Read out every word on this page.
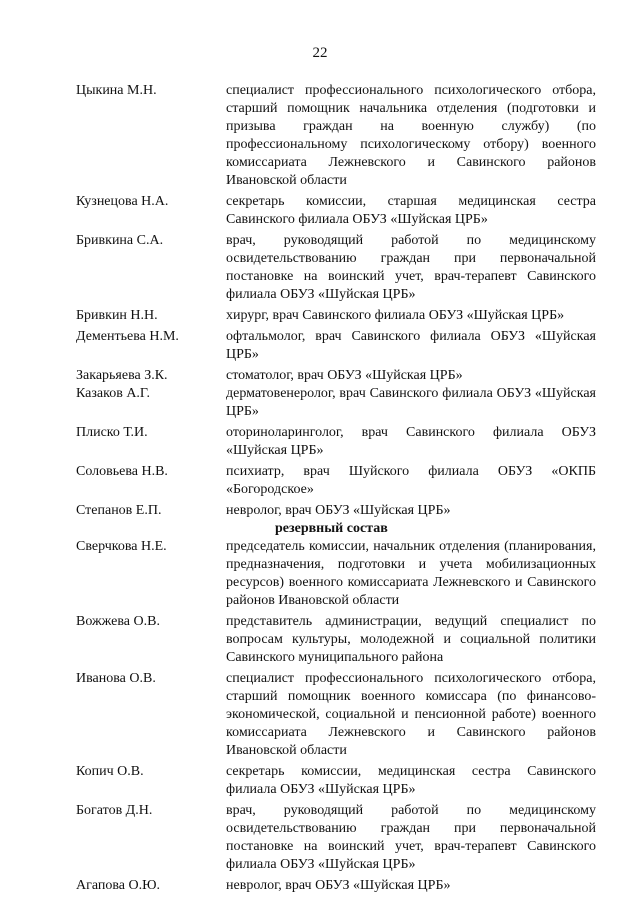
22
Цыкина М.Н.	специалист профессионального психологического отбора, старший помощник начальника отделения (подготовки и призыва граждан на военную службу) (по профессиональному психологическому отбору) военного комиссариата Лежневского и Савинского районов Ивановской области
Кузнецова Н.А.	секретарь комиссии, старшая медицинская сестра Савинского филиала ОБУЗ «Шуйская ЦРБ»
Бривкина С.А.	врач, руководящий работой по медицинскому освидетельствованию граждан при первоначальной постановке на воинский учет, врач-терапевт Савинского филиала ОБУЗ «Шуйская ЦРБ»
Бривкин Н.Н.	хирург, врач Савинского филиала ОБУЗ «Шуйская ЦРБ»
Дементьева Н.М.	офтальмолог, врач Савинского филиала ОБУЗ «Шуйская ЦРБ»
Закарьяева З.К.	стоматолог, врач ОБУЗ «Шуйская ЦРБ»
Казаков А.Г.	дерматовенеролог, врач Савинского филиала ОБУЗ «Шуйская ЦРБ»
Плиско Т.И.	оториноларинголог, врач Савинского филиала ОБУЗ «Шуйская ЦРБ»
Соловьева Н.В.	психиатр, врач Шуйского филиала ОБУЗ «ОКПБ «Богородское»
Степанов Е.П.	невролог, врач ОБУЗ «Шуйская ЦРБ»
резервный состав
Сверчкова Н.Е.	председатель комиссии, начальник отделения (планирования, предназначения, подготовки и учета мобилизационных ресурсов) военного комиссариата Лежневского и Савинского районов Ивановской области
Вожжева О.В.	представитель администрации, ведущий специалист по вопросам культуры, молодежной и социальной политики Савинского муниципального района
Иванова О.В.	специалист профессионального психологического отбора, старший помощник военного комиссара (по финансово-экономической, социальной и пенсионной работе) военного комиссариата Лежневского и Савинского районов Ивановской области
Копич О.В.	секретарь комиссии, медицинская сестра Савинского филиала ОБУЗ «Шуйская ЦРБ»
Богатов Д.Н.	врач, руководящий работой по медицинскому освидетельствованию граждан при первоначальной постановке на воинский учет, врач-терапевт Савинского филиала ОБУЗ «Шуйская ЦРБ»
Агапова О.Ю.	невролог, врач ОБУЗ «Шуйская ЦРБ»
